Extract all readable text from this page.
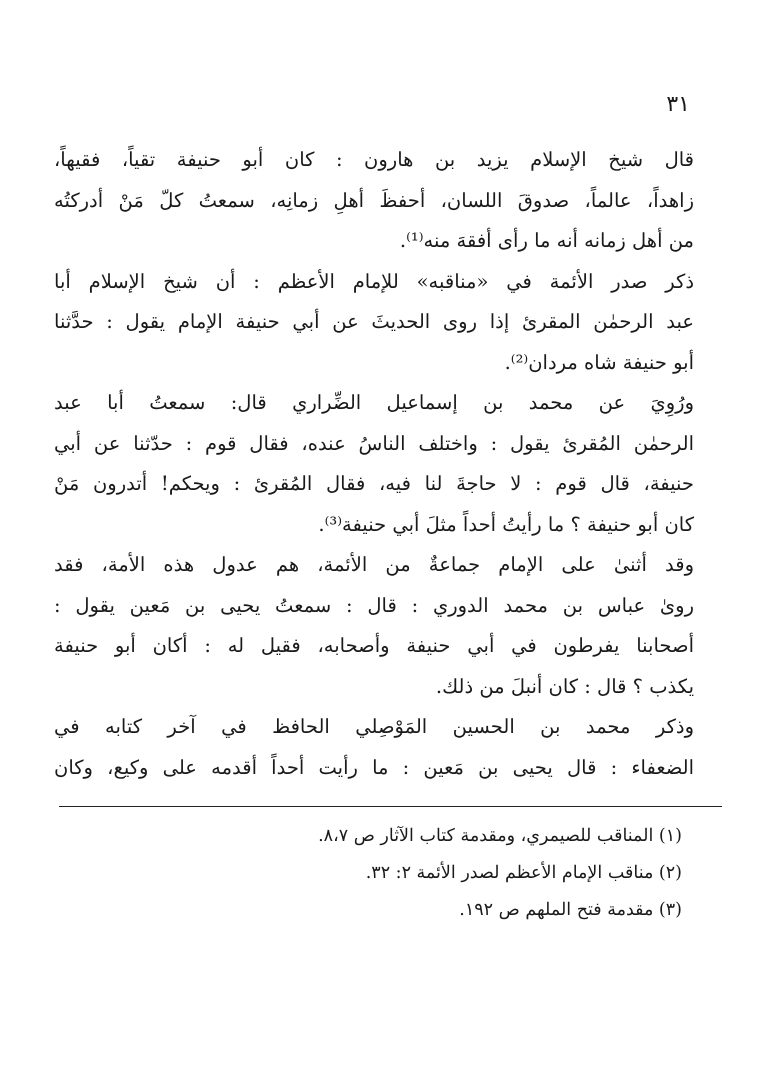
٣١

قال شيخ الإسلام يزيد بن هارون : كان أبو حنيفة تقياً، فقيهاً،
زاهداً، عالماً، صدوقَ اللسان، أحفظَ أهلِ زمانِه، سمعتُ كلّ مَنْ أدركتُه
من أهل زمانه أنه ما رأى أفقهَ منه⁽¹⁾.

ذكر صدر الأئمة في «مناقبه» للإمام الأعظم : أن شيخ الإسلام أبا
عبد الرحمٰن المقرئ إذا روى الحديثَ عن أبي حنيفة الإمام يقول : حدَّثنا
أبو حنيفة شاه مردان⁽²⁾.

ورُوِيَ عن محمد بن إسماعيل الضِّراري قال: سمعتُ أبا عبد
الرحمٰن المُقرئ يقول : واختلف الناسُ عنده، فقال قوم : حدّثنا عن أبي
حنيفة، قال قوم : لا حاجةَ لنا فيه، فقال المُقرئ : ويحكم! أتدرون مَنْ
كان أبو حنيفة ؟ ما رأيتُ أحداً مثلَ أبي حنيفة⁽³⁾.

وقد أثنىٰ على الإمام جماعةٌ من الأئمة، هم عدول هذه الأمة، فقد
روىٰ عباس بن محمد الدوري : قال : سمعتُ يحيى بن مَعين يقول :
أصحابنا يفرطون في أبي حنيفة وأصحابه، فقيل له : أكان أبو حنيفة
يكذب ؟ قال : كان أنبلَ من ذلك.

وذكر محمد بن الحسين المَوْصِلي الحافظ في آخر كتابه في
الضعفاء : قال يحيى بن مَعين : ما رأيت أحداً أقدمه على وكيع، وكان

(١) المناقب للصيمري، ومقدمة كتاب الآثار ص ٨،٧.
(٢) مناقب الإمام الأعظم لصدر الأئمة ٢: ٣٢.
(٣) مقدمة فتح الملهم ص ١٩٢.
